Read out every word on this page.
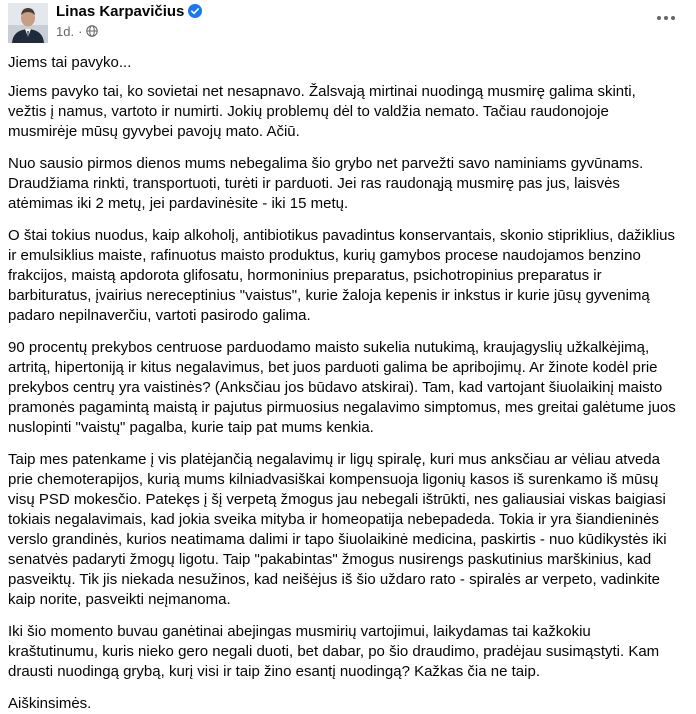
Linas Karpavičius
1d. ·

Jiems tai pavyko...

Jiems pavyko tai, ko sovietai net nesapnavo. Žalsvają mirtinai nuodingą musmirę galima skinti, vežtis į namus, vartoto ir numirti. Jokių problemų dėl to valdžia nemato. Tačiau raudonojoje musmirėje mūsų gyvybei pavojų mato. Ačiū.

Nuo sausio pirmos dienos mums nebegalima šio grybo net parvežti savo naminiams gyvūnams. Draudžiama rinkti, transportuoti, turėti ir parduoti. Jei ras raudonąją musmirę pas jus, laisvės atėmimas iki 2 metų, jei pardavinėsite - iki 15 metų.

O štai tokius nuodus, kaip alkoholį, antibiotikus pavadintus konservantais, skonio stipriklius, dažiklius ir emulsiklius maiste, rafinuotus maisto produktus, kurių gamybos procese naudojamos benzino frakcijos, maistą apdorota glifosatu, hormoninius preparatus, psichotropinius preparatus ir barbituratus, įvairius nereceptinius "vaistus", kurie žaloja kepenis ir inkstus ir kurie jūsų gyvenimą padaro nepilnaverčiu, vartoti pasirodo galima.

90 procentų prekybos centruose parduodamo maisto sukelia nutukimą, kraujagyslių užkalkėjimą, artritą, hipertoniją ir kitus negalavimus, bet juos parduoti galima be apribojimų. Ar žinote kodėl prie prekybos centrų yra vaistinės? (Anksčiau jos būdavo atskirai). Tam, kad vartojant šiuolaikinį maisto pramonės pagamintą maistą ir pajutus pirmuosius negalavimo simptomus, mes greitai galėtume juos nuslopinti "vaistų" pagalba, kurie taip pat mums kenkia.

Taip mes patenkame į vis platėjančią negalavimų ir ligų spiralę, kuri mus anksčiau ar vėliau atveda prie chemoterapijos, kurią mums kilniadvasiškai kompensuoja ligonių kasos iš surenkamo iš mūsų visų PSD mokesčio. Patekęs į šį verpetą žmogus jau nebegali ištrūkti, nes galiausiai viskas baigiasi tokiais negalavimais, kad jokia sveika mityba ir homeopatija nebepadeda. Tokia ir yra šiandieninės verslo grandinės, kurios neatimama dalimi ir tapo šiuolaikinė medicina, paskirtis - nuo kūdikystės iki senatvės padaryti žmogų ligotu. Taip "pakabintas" žmogus nusirengs paskutinius marškinius, kad pasveiktų. Tik jis niekada nesužinos, kad neišėjus iš šio uždaro rato - spiralės ar verpeto, vadinkite kaip norite, pasveikti neįmanoma.

Iki šio momento buvau ganėtinai abejingas musmirių vartojimui, laikydamas tai kažkokiu kraštutinumu, kuris nieko gero negali duoti, bet dabar, po šio draudimo, pradėjau susimąstyti. Kam drausti nuodingą grybą, kurį visi ir taip žino esantį nuodingą? Kažkas čia ne taip.

Aiškinsimės.
